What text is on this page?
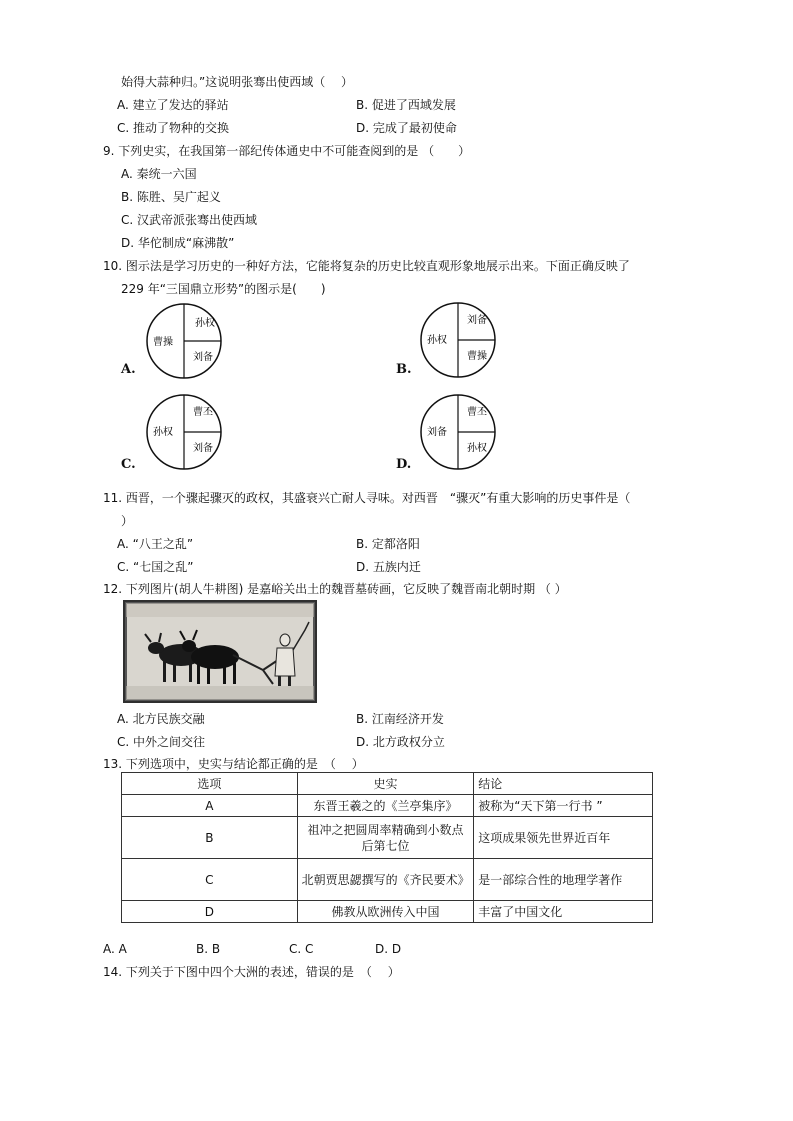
始得大蒜种归。”这说明张骞出使西域（　 ）
A. 建立了发达的驿站	B. 促进了西域发展
C. 推动了物种的交换	D. 完成了最初使命
9. 下列史实，在我国第一部纪传体通史中不可能查阅到的是 （　　）
A. 秦统一六国
B. 陈胜、吴广起义
C. 汉武帝派张骞出使西域
D. 华佗制成“麻沸散”
10. 图示法是学习历史的一种好方法，它能将复杂的历史比较直观形象地展示出来。下面正确反映了
229 年“三国鼎立形势”的图示是(　　)
A.
孙权
曹操
刘备
B.
刘备
孙权
曹操
C.
曹丕
孙权
刘备
D.
曹丕
刘备
孙权
11. 西晋，一个骤起骤灭的政权，其盛衰兴亡耐人寻味。对西晋　“骤灭”有重大影响的历史事件是（
）
A. “八王之乱”	B. 定都洛阳
C. “七国之乱”	D. 五族内迁
12. 下列图片(胡人牛耕图) 是嘉峪关出土的魏晋墓砖画，它反映了魏晋南北朝时期 （ ）
A. 北方民族交融	B. 江南经济开发
C. 中外之间交往	D. 北方政权分立
13. 下列选项中，史实与结论都正确的是　（　 ）
选项	史实	结论
A	东晋王羲之的《兰亭集序》	被称为“天下第一行书 ”
B	祖冲之把圆周率精确到小数点后第七位	这项成果领先世界近百年
C	北朝贾思勰撰写的《齐民要术》	是一部综合性的地理学著作
D	佛教从欧洲传入中国	丰富了中国文化
A. A	B. B	C. C	D. D
14. 下列关于下图中四个大洲的表述，错误的是　（　 ）
